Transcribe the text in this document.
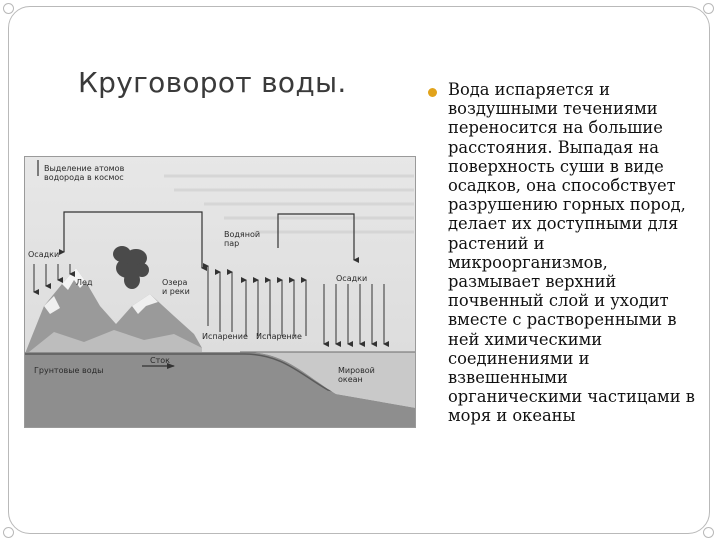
Круговорот воды.	Вода испаряется и воздушными течениями переносится на большие расстояния. Выпадая на поверхность суши в виде осадков, она способствует разрушению горных пород, делает их доступными для растений и микроорганизмов, размывает верхний почвенный слой и уходит вместе с растворенными в ней химическими соединениями и взвешенными органическими частицами в моря и океаны

Выделение атомов
водорода в космос
Водяной
пар
Осадки
Лед	Озера
и реки
Осадки
Испарение Испарение
Грунтовые воды
Сток
Мировой
океан
